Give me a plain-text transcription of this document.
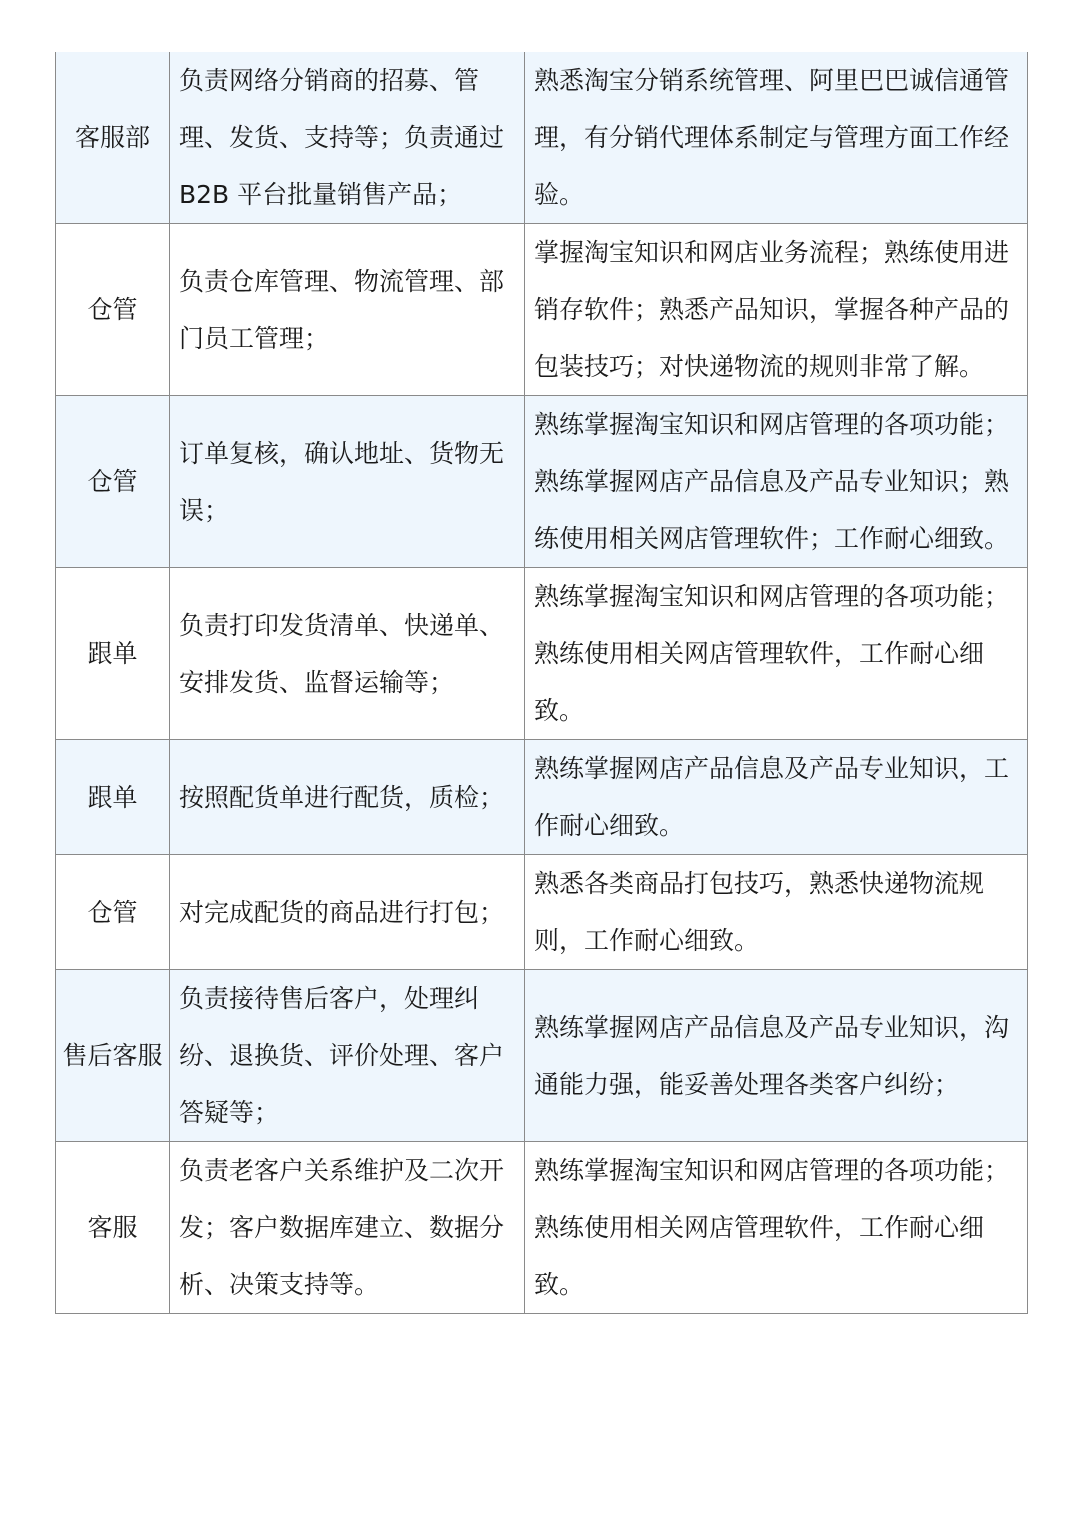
客服部	负责网络分销商的招募、管理、发货、支持等；负责通过 B2B 平台批量销售产品；	熟悉淘宝分销系统管理、阿里巴巴诚信通管理，有分销代理体系制定与管理方面工作经验。
仓管	负责仓库管理、物流管理、部门员工管理；	掌握淘宝知识和网店业务流程；熟练使用进销存软件；熟悉产品知识，掌握各种产品的包装技巧；对快递物流的规则非常了解。
仓管	订单复核，确认地址、货物无误；	熟练掌握淘宝知识和网店管理的各项功能；熟练掌握网店产品信息及产品专业知识；熟练使用相关网店管理软件；工作耐心细致。
跟单	负责打印发货清单、快递单、安排发货、监督运输等；	熟练掌握淘宝知识和网店管理的各项功能；熟练使用相关网店管理软件，工作耐心细致。
跟单	按照配货单进行配货，质检；	熟练掌握网店产品信息及产品专业知识，工作耐心细致。
仓管	对完成配货的商品进行打包；	熟悉各类商品打包技巧，熟悉快递物流规则，工作耐心细致。
售后客服	负责接待售后客户，处理纠纷、退换货、评价处理、客户答疑等；	熟练掌握网店产品信息及产品专业知识，沟通能力强，能妥善处理各类客户纠纷；
客服	负责老客户关系维护及二次开发；客户数据库建立、数据分析、决策支持等。	熟练掌握淘宝知识和网店管理的各项功能；熟练使用相关网店管理软件，工作耐心细致。
